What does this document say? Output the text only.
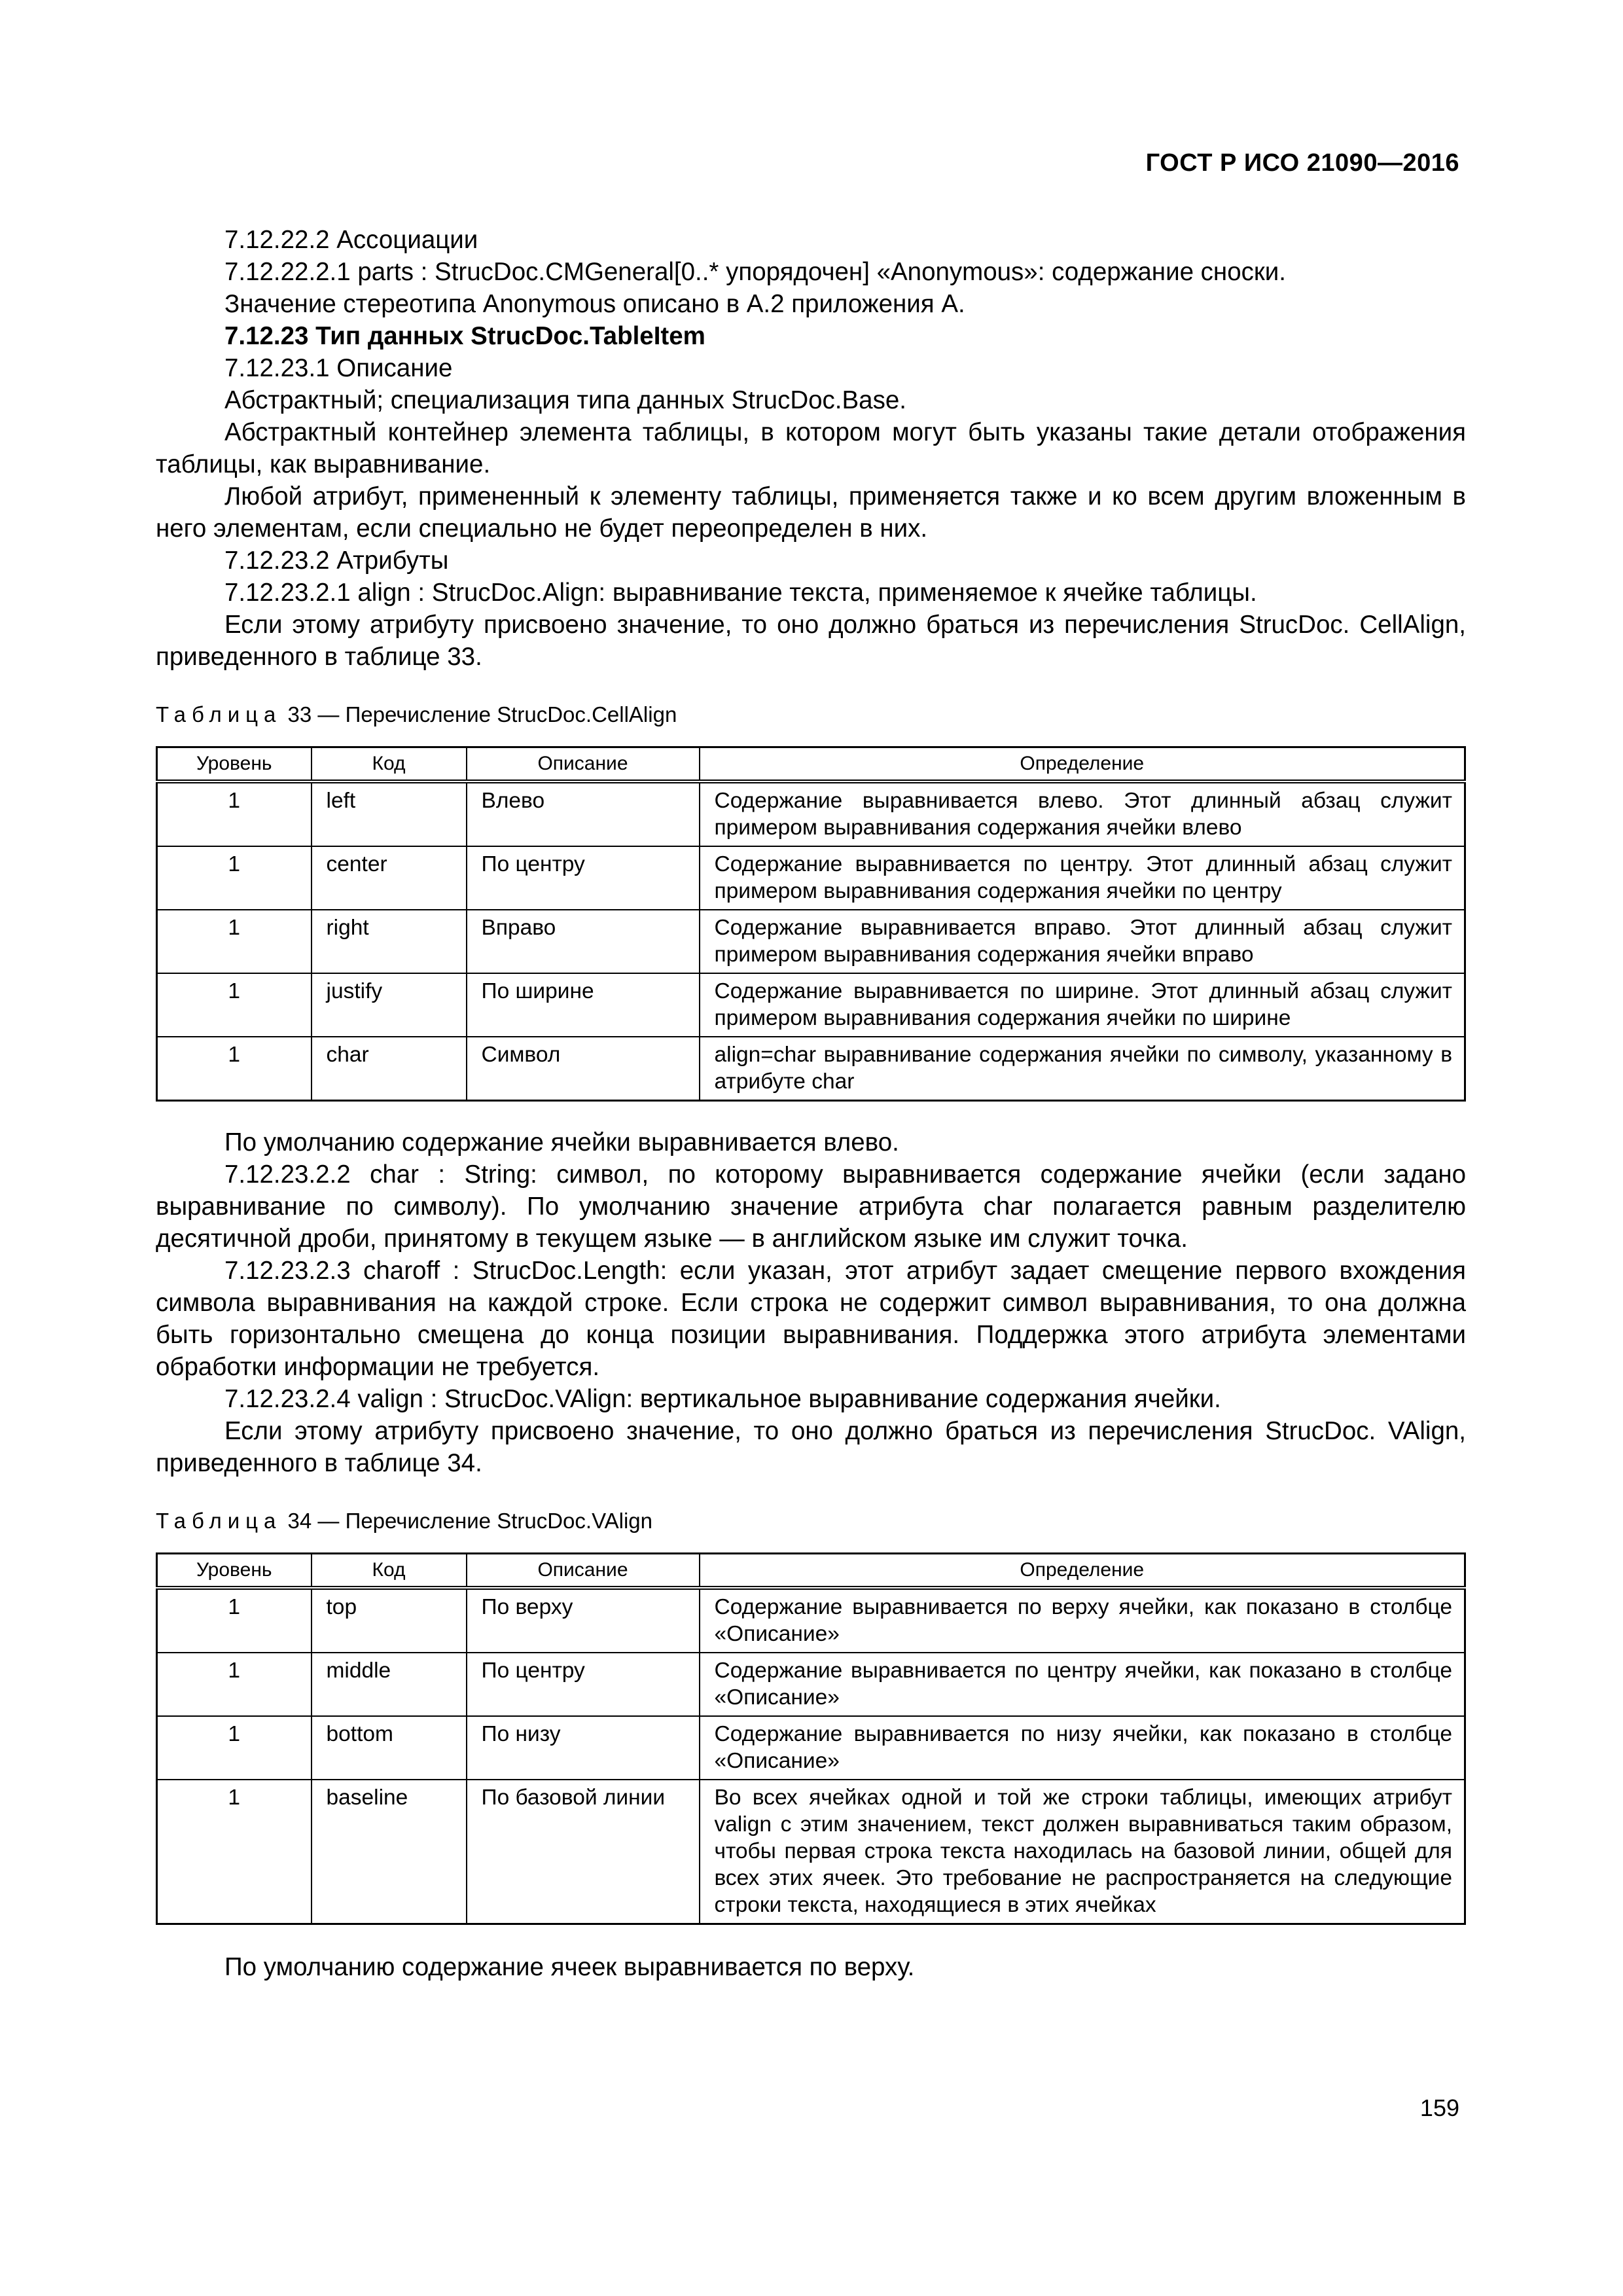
ГОСТ Р ИСО 21090—2016

7.12.22.2 Ассоциации

7.12.22.2.1 parts : StrucDoc.CMGeneral[0..* упорядочен] «Anonymous»: содержание сноски.

Значение стереотипа Anonymous описано в А.2 приложения А.

7.12.23 Тип данных StrucDoc.TableItem

7.12.23.1 Описание

Абстрактный; специализация типа данных StrucDoc.Base.

Абстрактный контейнер элемента таблицы, в котором могут быть указаны такие детали отображения таблицы, как выравнивание.

Любой атрибут, примененный к элементу таблицы, применяется также и ко всем другим вложенным в него элементам, если специально не будет переопределен в них.

7.12.23.2 Атрибуты

7.12.23.2.1 align : StrucDoc.Align: выравнивание текста, применяемое к ячейке таблицы.

Если этому атрибуту присвоено значение, то оно должно браться из перечисления StrucDoc. CellAlign, приведенного в таблице 33.

Таблица 33 — Перечисление StrucDoc.CellAlign

Уровень	Код	Описание	Определение
1	left	Влево	Содержание выравнивается влево. Этот длинный абзац служит примером выравнивания содержания ячейки влево
1	center	По центру	Содержание выравнивается по центру. Этот длинный абзац служит примером выравнивания содержания ячейки по центру
1	right	Вправо	Содержание выравнивается вправо. Этот длинный абзац служит примером выравнивания содержания ячейки вправо
1	justify	По ширине	Содержание выравнивается по ширине. Этот длинный абзац служит примером выравнивания содержания ячейки по ширине
1	char	Символ	align=char выравнивание содержания ячейки по символу, указанному в атрибуте char

По умолчанию содержание ячейки выравнивается влево.

7.12.23.2.2 char : String: символ, по которому выравнивается содержание ячейки (если задано выравнивание по символу). По умолчанию значение атрибута char полагается равным разделителю десятичной дроби, принятому в текущем языке — в английском языке им служит точка.

7.12.23.2.3 charoff : StrucDoc.Length: если указан, этот атрибут задает смещение первого вхождения символа выравнивания на каждой строке. Если строка не содержит символ выравнивания, то она должна быть горизонтально смещена до конца позиции выравнивания. Поддержка этого атрибута элементами обработки информации не требуется.

7.12.23.2.4 valign : StrucDoc.VAlign: вертикальное выравнивание содержания ячейки.

Если этому атрибуту присвоено значение, то оно должно браться из перечисления StrucDoc. VAlign, приведенного в таблице 34.

Таблица 34 — Перечисление StrucDoc.VAlign

Уровень	Код	Описание	Определение
1	top	По верху	Содержание выравнивается по верху ячейки, как показано в столбце «Описание»
1	middle	По центру	Содержание выравнивается по центру ячейки, как показано в столбце «Описание»
1	bottom	По низу	Содержание выравнивается по низу ячейки, как показано в столбце «Описание»
1	baseline	По базовой линии	Во всех ячейках одной и той же строки таблицы, имеющих атрибут valign с этим значением, текст должен выравниваться таким образом, чтобы первая строка текста находилась на базовой линии, общей для всех этих ячеек. Это требование не распространяется на следующие строки текста, находящиеся в этих ячейках

По умолчанию содержание ячеек выравнивается по верху.

159
